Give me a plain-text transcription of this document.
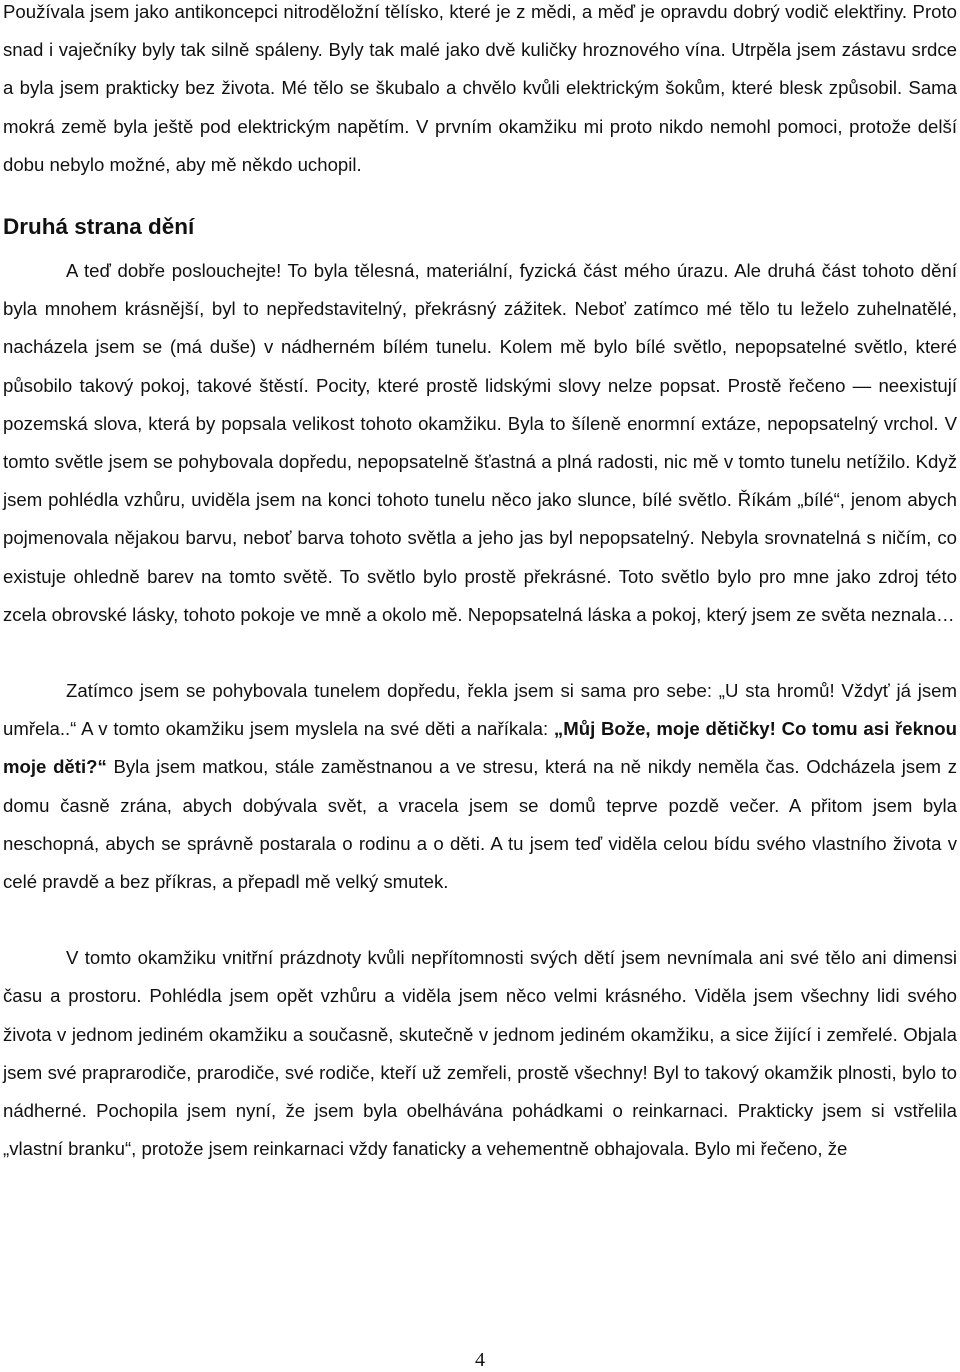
Používala jsem jako antikoncepci nitroděložní tělísko, které je z mědi, a měď je opravdu dobrý vodič elektřiny. Proto snad i vaječníky byly tak silně spáleny. Byly tak malé jako dvě kuličky hroznového vína. Utrpěla jsem zástavu srdce a byla jsem prakticky bez života. Mé tělo se škubalo a chvělo kvůli elektrickým šokům, které blesk způsobil. Sama mokrá země byla ještě pod elektrickým napětím. V prvním okamžiku mi proto nikdo nemohl pomoci, protože delší dobu nebylo možné, aby mě někdo uchopil.

Druhá strana dění

A teď dobře poslouchejte! To byla tělesná, materiální, fyzická část mého úrazu. Ale druhá část tohoto dění byla mnohem krásnější, byl to nepředstavitelný, překrásný zážitek. Neboť zatímco mé tělo tu leželo zuhelnatělé, nacházela jsem se (má duše) v nádherném bílém tunelu. Kolem mě bylo bílé světlo, nepopsatelné světlo, které působilo takový pokoj, takové štěstí. Pocity, které prostě lidskými slovy nelze popsat. Prostě řečeno — neexistují pozemská slova, která by popsala velikost tohoto okamžiku. Byla to šíleně enormní extáze, nepopsatelný vrchol. V tomto světle jsem se pohybovala dopředu, nepopsatelně šťastná a plná radosti, nic mě v tomto tunelu netížilo. Když jsem pohlédla vzhůru, uviděla jsem na konci tohoto tunelu něco jako slunce, bílé světlo. Říkám „bílé“, jenom abych pojmenovala nějakou barvu, neboť barva tohoto světla a jeho jas byl nepopsatelný. Nebyla srovnatelná s ničím, co existuje ohledně barev na tomto světě. To světlo bylo prostě překrásné. Toto světlo bylo pro mne jako zdroj této zcela obrovské lásky, tohoto pokoje ve mně a okolo mě. Nepopsatelná láska a pokoj, který jsem ze světa neznala…

Zatímco jsem se pohybovala tunelem dopředu, řekla jsem si sama pro sebe: „U sta hromů! Vždyť já jsem umřela..“ A v tomto okamžiku jsem myslela na své děti a naříkala: „Můj Bože, moje dětičky! Co tomu asi řeknou moje děti?“ Byla jsem matkou, stále zaměstnanou a ve stresu, která na ně nikdy neměla čas. Odcházela jsem z domu časně zrána, abych dobývala svět, a vracela jsem se domů teprve pozdě večer. A přitom jsem byla neschopná, abych se správně postarala o rodinu a o děti. A tu jsem teď viděla celou bídu svého vlastního života v celé pravdě a bez příkras, a přepadl mě velký smutek.

V tomto okamžiku vnitřní prázdnoty kvůli nepřítomnosti svých dětí jsem nevnímala ani své tělo ani dimensi času a prostoru. Pohlédla jsem opět vzhůru a viděla jsem něco velmi krásného. Viděla jsem všechny lidi svého života v jednom jediném okamžiku a současně, skutečně v jednom jediném okamžiku, a sice žijící i zemřelé. Objala jsem své praprarodiče, prarodiče, své rodiče, kteří už zemřeli, prostě všechny! Byl to takový okamžik plnosti, bylo to nádherné. Pochopila jsem nyní, že jsem byla obelhávána pohádkami o reinkarnaci. Prakticky jsem si vstřelila „vlastní branku“, protože jsem reinkarnaci vždy fanaticky a vehementně obhajovala. Bylo mi řečeno, že

4
